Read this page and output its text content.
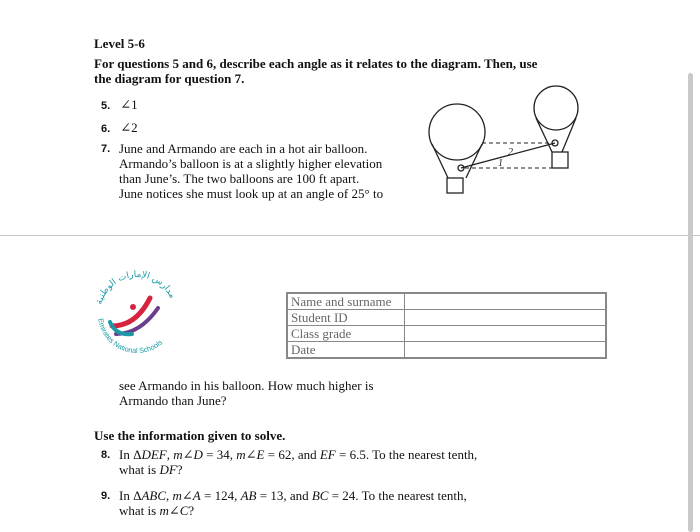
Level 5-6
For questions 5 and 6, describe each angle as it relates to the diagram. Then, use
the diagram for question 7.
5. ∠1
6. ∠2
7. June and Armando are each in a hot air balloon.
Armando’s balloon is at a slightly higher elevation
than June’s. The two balloons are 100 ft apart.
June notices she must look up at an angle of 25° to
2
1
مدارس الإمارات الوطنية
Emirates National Schools
Name and surname	
Student ID	
Class grade	
Date	
see Armando in his balloon. How much higher is
Armando than June?
Use the information given to solve.
8. In ΔDEF, m∠D = 34, m∠E = 62, and EF = 6.5. To the nearest tenth,
what is DF?
9. In ΔABC, m∠A = 124, AB = 13, and BC = 24. To the nearest tenth,
what is m∠C?
